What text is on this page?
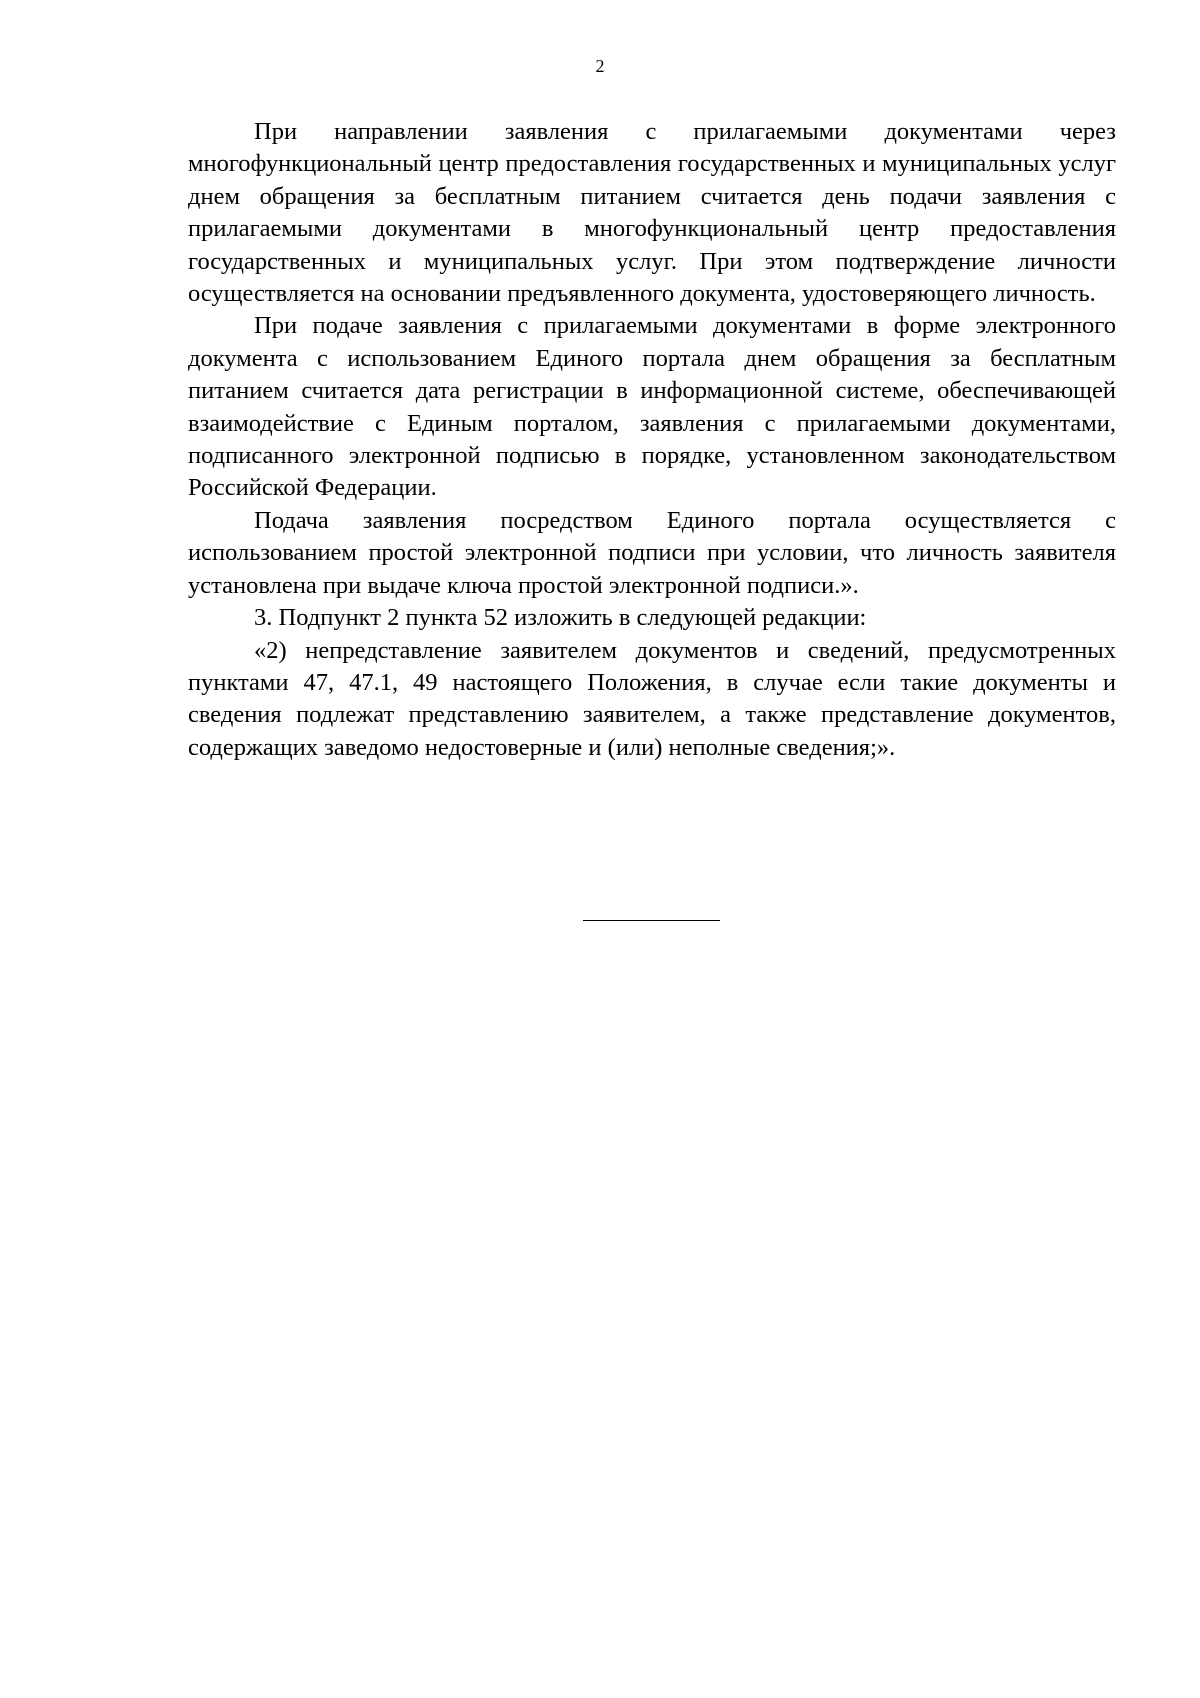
2

При направлении заявления с прилагаемыми документами через многофункциональный центр предоставления государственных и муниципальных услуг днем обращения за бесплатным питанием считается день подачи заявления с прилагаемыми документами в многофункциональный центр предоставления государственных и муниципальных услуг. При этом подтверждение личности осуществляется на основании предъявленного документа, удостоверяющего личность.

При подаче заявления с прилагаемыми документами в форме электронного документа с использованием Единого портала днем обращения за бесплатным питанием считается дата регистрации в информационной системе, обеспечивающей взаимодействие с Единым порталом, заявления с прилагаемыми документами, подписанного электронной подписью в порядке, установленном законодательством Российской Федерации.

Подача заявления посредством Единого портала осуществляется с использованием простой электронной подписи при условии, что личность заявителя установлена при выдаче ключа простой электронной подписи.».

3. Подпункт 2 пункта 52 изложить в следующей редакции:

«2) непредставление заявителем документов и сведений, предусмотренных пунктами 47, 47.1, 49 настоящего Положения, в случае если такие документы и сведения подлежат представлению заявителем, а также представление документов, содержащих заведомо недостоверные и (или) неполные сведения;».
